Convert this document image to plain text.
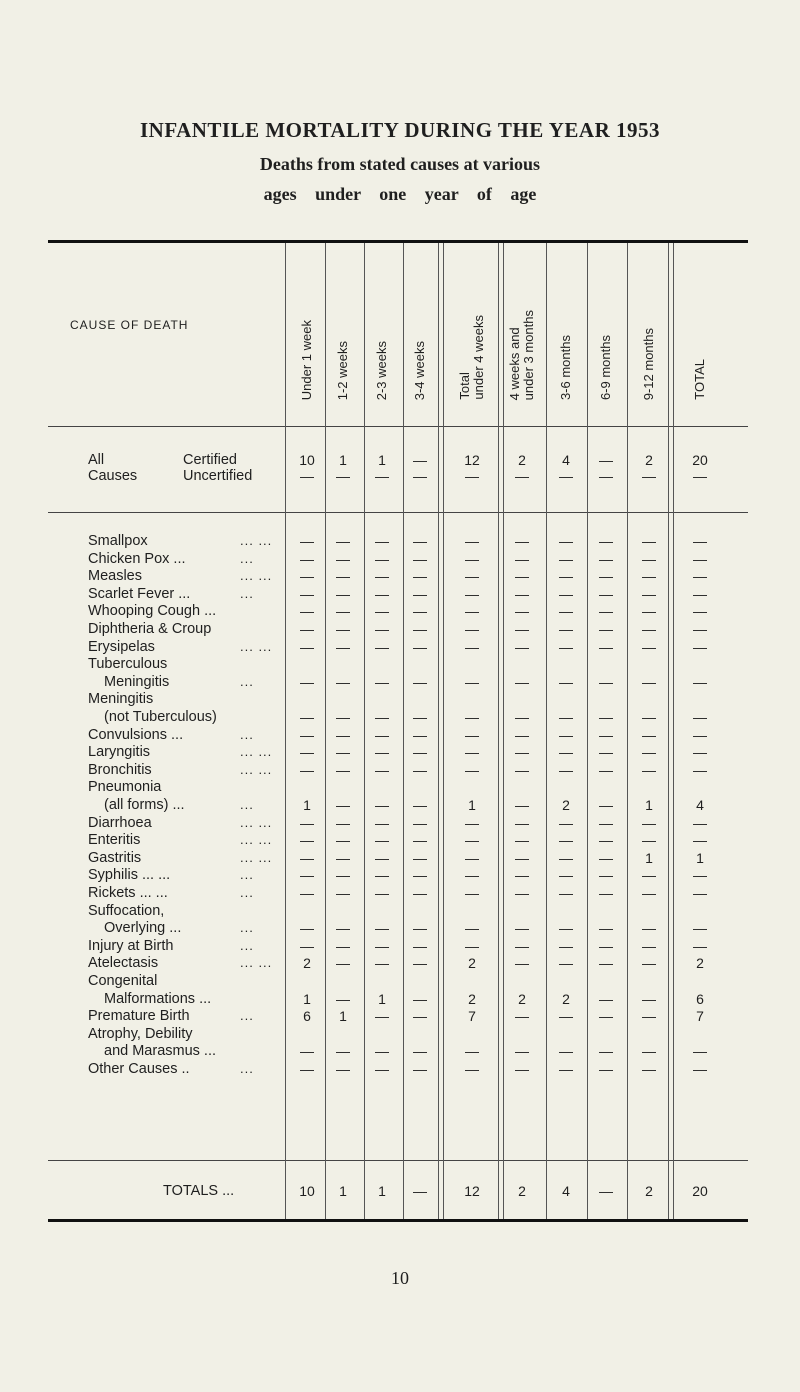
INFANTILE MORTALITY DURING THE YEAR 1953
Deaths from stated causes at various
ages under one year of age
CAUSE OF DEATH	Under 1 week 1-2 weeks 2-3 weeks 3-4 weeks Total
under 4 weeks
4 weeks and
under 3 months
3-6 months 6-9 months 9-12 months	TOTAL
All
Causes
Certified	10	1	1	—	12	2	4	—	2	20
Uncertified	—	—	—	—	—	—	—	—	—	—
Smallpox	... ...	—	—	—	—	—	—	—	—	—	—
Chicken Pox ...	...	—	—	—	—	—	—	—	—	—	—
Measles	... ...	—	—	—	—	—	—	—	—	—	—
Scarlet Fever ...	...	—	—	—	—	—	—	—	—	—	—
Whooping Cough ...	—	—	—	—	—	—	—	—	—	—
Diphtheria & Croup	—	—	—	—	—	—	—	—	—	—
Erysipelas	... ...	—	—	—	—	—	—	—	—	—	—
Tuberculous
Meningitis	...	—	—	—	—	—	—	—	—	—	—
Meningitis
(not Tuberculous)	—	—	—	—	—	—	—	—	—	—
Convulsions ...	...	—	—	—	—	—	—	—	—	—	—
Laryngitis	... ...	—	—	—	—	—	—	—	—	—	—
Bronchitis	... ...	—	—	—	—	—	—	—	—	—	—
Pneumonia
(all forms) ...	...	1	—	—	—	1	—	2	—	1	4
Diarrhoea	... ...	—	—	—	—	—	—	—	—	—	—
Enteritis	... ...	—	—	—	—	—	—	—	—	—	—
Gastritis	... ...	—	—	—	—	—	—	—	—	1	1
Syphilis ... ...	...	—	—	—	—	—	—	—	—	—	—
Rickets ... ...	...	—	—	—	—	—	—	—	—	—	—
Suffocation,
Overlying ...	...	—	—	—	—	—	—	—	—	—	—
Injury at Birth	...	—	—	—	—	—	—	—	—	—	—
Atelectasis	... ...	2	—	—	—	2	—	—	—	—	2
Congenital
Malformations ...	1	—	1	—	2	2	2	—	—	6
Premature Birth	...	6	1	—	—	7	—	—	—	—	7
Atrophy, Debility
and Marasmus ...	—	—	—	—	—	—	—	—	—	—
Other Causes ..	...	—	—	—	—	—	—	—	—	—	—
TOTALS ...	10	1	1	—	12	2	4	—	2	20
10
